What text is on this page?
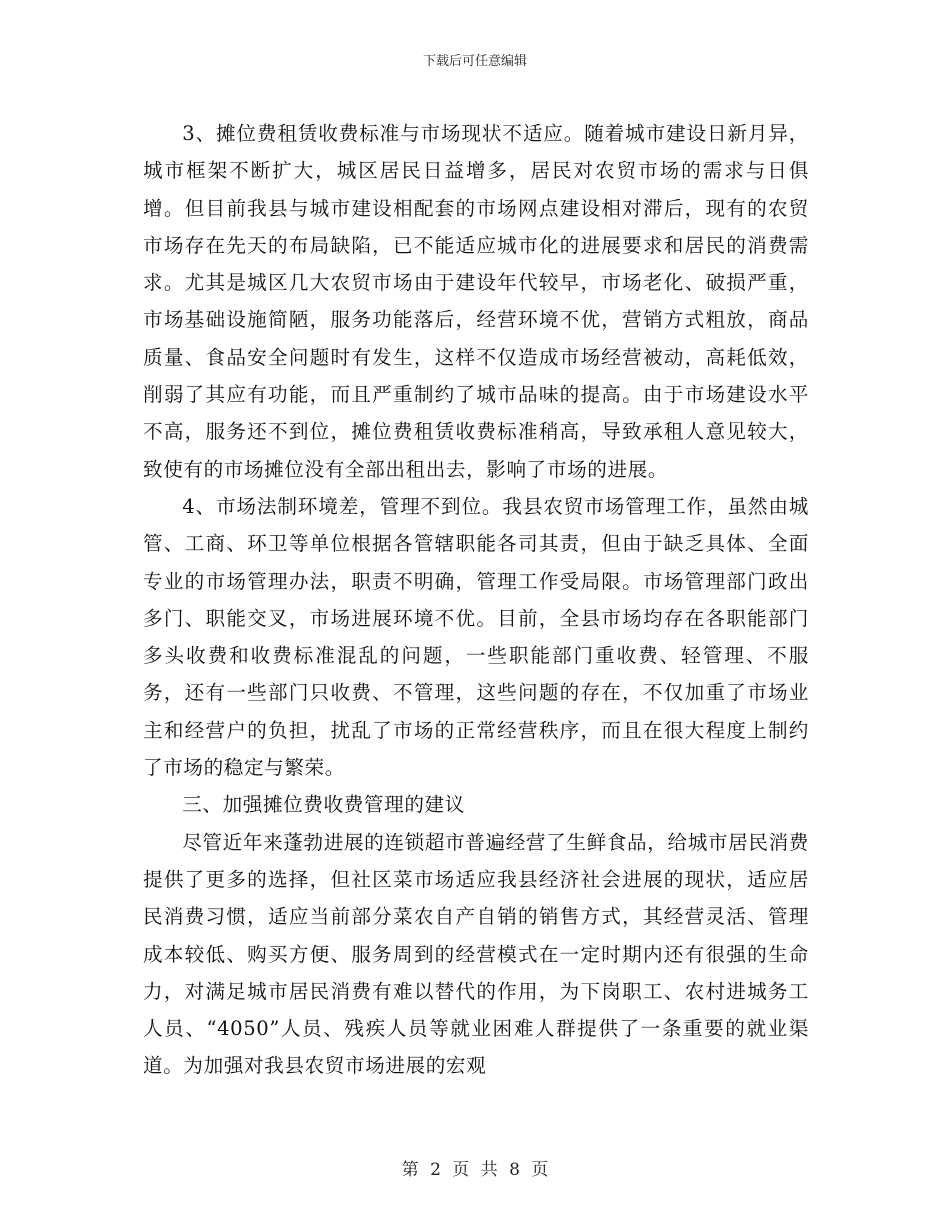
下载后可任意编辑

3、摊位费租赁收费标准与市场现状不适应。随着城市建设日新月异，城市框架不断扩大，城区居民日益增多，居民对农贸市场的需求与日俱增。但目前我县与城市建设相配套的市场网点建设相对滞后，现有的农贸市场存在先天的布局缺陷，已不能适应城市化的进展要求和居民的消费需求。尤其是城区几大农贸市场由于建设年代较早，市场老化、破损严重，市场基础设施简陋，服务功能落后，经营环境不优，营销方式粗放，商品质量、食品安全问题时有发生，这样不仅造成市场经营被动，高耗低效，削弱了其应有功能，而且严重制约了城市品味的提高。由于市场建设水平不高，服务还不到位，摊位费租赁收费标准稍高，导致承租人意见较大，致使有的市场摊位没有全部出租出去，影响了市场的进展。

4、市场法制环境差，管理不到位。我县农贸市场管理工作，虽然由城管、工商、环卫等单位根据各管辖职能各司其责，但由于缺乏具体、全面专业的市场管理办法，职责不明确，管理工作受局限。市场管理部门政出多门、职能交叉，市场进展环境不优。目前，全县市场均存在各职能部门多头收费和收费标准混乱的问题，一些职能部门重收费、轻管理、不服务，还有一些部门只收费、不管理，这些问题的存在，不仅加重了市场业主和经营户的负担，扰乱了市场的正常经营秩序，而且在很大程度上制约了市场的稳定与繁荣。

三、加强摊位费收费管理的建议

尽管近年来蓬勃进展的连锁超市普遍经营了生鲜食品，给城市居民消费提供了更多的选择，但社区菜市场适应我县经济社会进展的现状，适应居民消费习惯，适应当前部分菜农自产自销的销售方式，其经营灵活、管理成本较低、购买方便、服务周到的经营模式在一定时期内还有很强的生命力，对满足城市居民消费有难以替代的作用，为下岗职工、农村进城务工人员、“4050”人员、残疾人员等就业困难人群提供了一条重要的就业渠道。为加强对我县农贸市场进展的宏观

第 2 页 共 8 页
